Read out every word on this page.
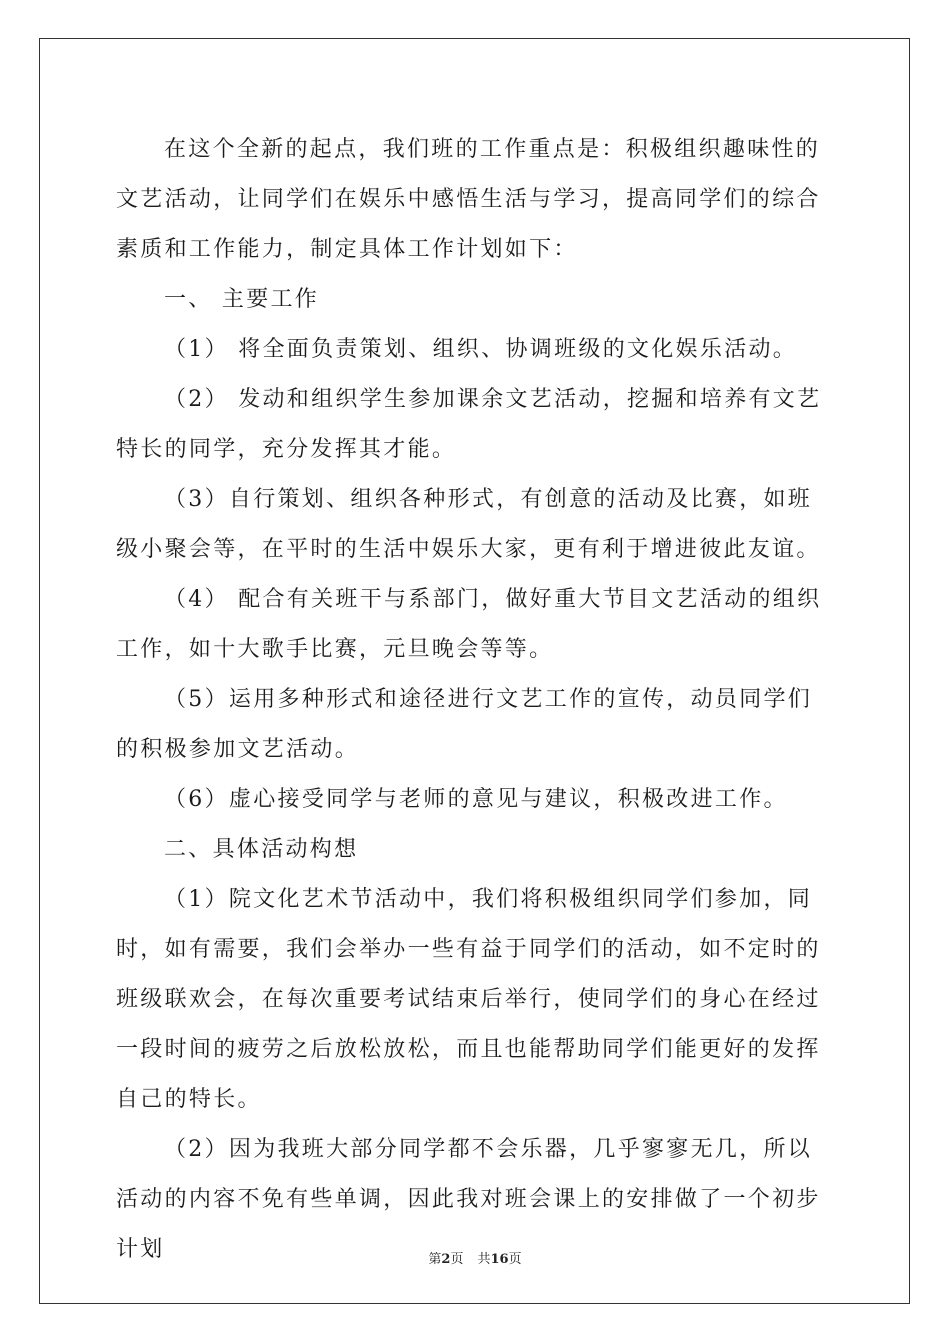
在这个全新的起点，我们班的工作重点是：积极组织趣味性的文艺活动，让同学们在娱乐中感悟生活与学习，提高同学们的综合素质和工作能力，制定具体工作计划如下：

一、 主要工作

（1） 将全面负责策划、组织、协调班级的文化娱乐活动。

（2） 发动和组织学生参加课余文艺活动，挖掘和培养有文艺特长的同学，充分发挥其才能。

（3）自行策划、组织各种形式，有创意的活动及比赛，如班级小聚会等，在平时的生活中娱乐大家，更有利于增进彼此友谊。

（4） 配合有关班干与系部门，做好重大节目文艺活动的组织工作，如十大歌手比赛，元旦晚会等等。

（5）运用多种形式和途径进行文艺工作的宣传，动员同学们的积极参加文艺活动。

（6）虚心接受同学与老师的意见与建议，积极改进工作。

二、具体活动构想

（1）院文化艺术节活动中，我们将积极组织同学们参加，同时，如有需要，我们会举办一些有益于同学们的活动，如不定时的班级联欢会，在每次重要考试结束后举行，使同学们的身心在经过一段时间的疲劳之后放松放松，而且也能帮助同学们能更好的发挥自己的特长。

（2）因为我班大部分同学都不会乐器，几乎寥寥无几，所以活动的内容不免有些单调，因此我对班会课上的安排做了一个初步计划	第2页 共16页
